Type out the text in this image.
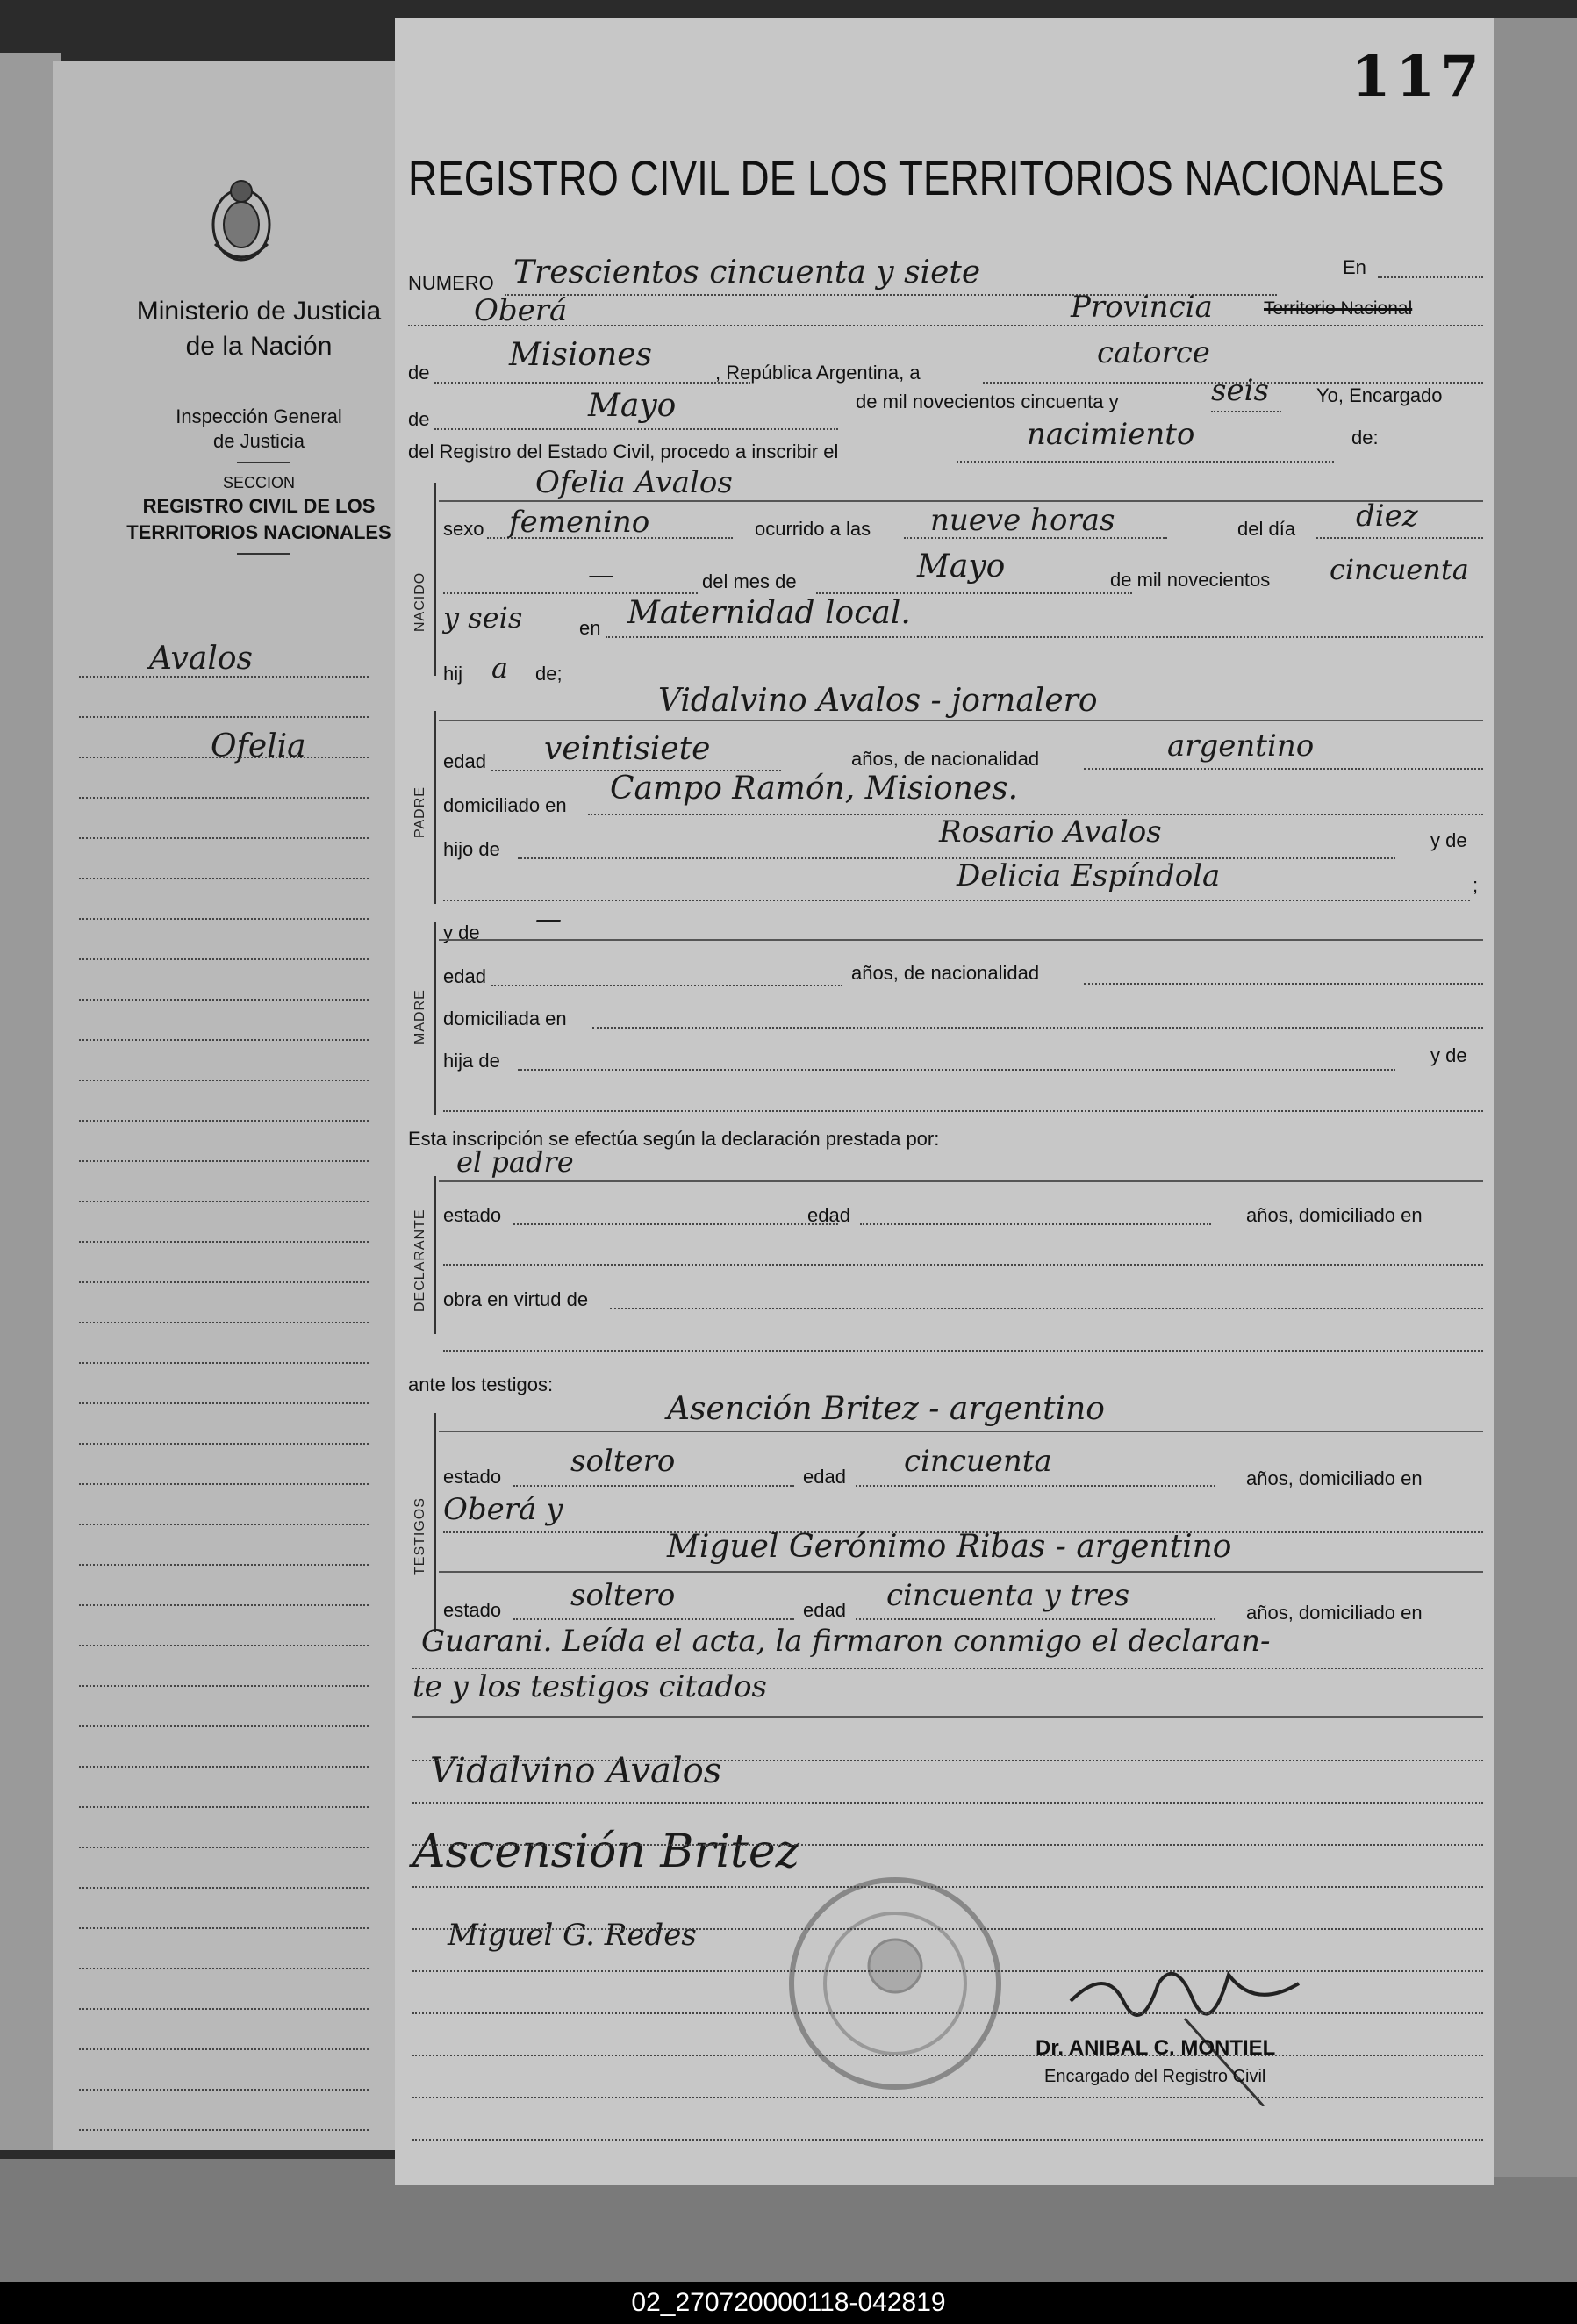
Ministerio de Justicia
de la Nación
Inspección General
de Justicia
SECCION
REGISTRO CIVIL DE LOS
TERRITORIOS NACIONALES
Avalos
Ofelia
117
REGISTRO CIVIL DE LOS TERRITORIOS NACIONALES
NUMERO Trescientos cincuenta y siete	En
Oberá	Provincia	Territorio Nacional
de	Misiones	, República Argentina, a
catorce
de	Mayo	de mil novecientos cincuenta y	seis Yo, Encargado
del Registro del Estado Civil, procedo a inscribir el	nacimiento	de:
NACIDO
Ofelia Avalos
sexo femenino	ocurrido a las nueve horas	del día diez
—	del mes de	Mayo	de mil novecientos cincuenta
y seis	en Maternidad local.
hij a de;
PADRE
Vidalvino Avalos - jornalero
edad veintisiete	años, de nacionalidad	argentino
domiciliado en Campo Ramón, Misiones.
hijo de	Rosario Avalos	y de
Delicia Espíndola	;
MADRE
y de —
edad	años, de nacionalidad
domiciliada en
hija de	y de
Esta inscripción se efectúa según la declaración prestada por:
DECLARANTE
el padre
estado	edad	años, domiciliado en
obra en virtud de
ante los testigos:
TESTIGOS
Asención Britez - argentino
estado soltero	edad cincuenta	años, domiciliado en
Oberá y
Miguel Gerónimo Ribas - argentino
estado soltero	edad cincuenta y tres	años, domiciliado en
Guarani. Leída el acta, la firmaron conmigo el declaran-
te y los testigos citados
Vidalvino Avalos
Ascensión Britez
Miguel G. Redes
Dr. ANIBAL C. MONTIEL
Encargado del Registro Civil
02_270720000118-042819
